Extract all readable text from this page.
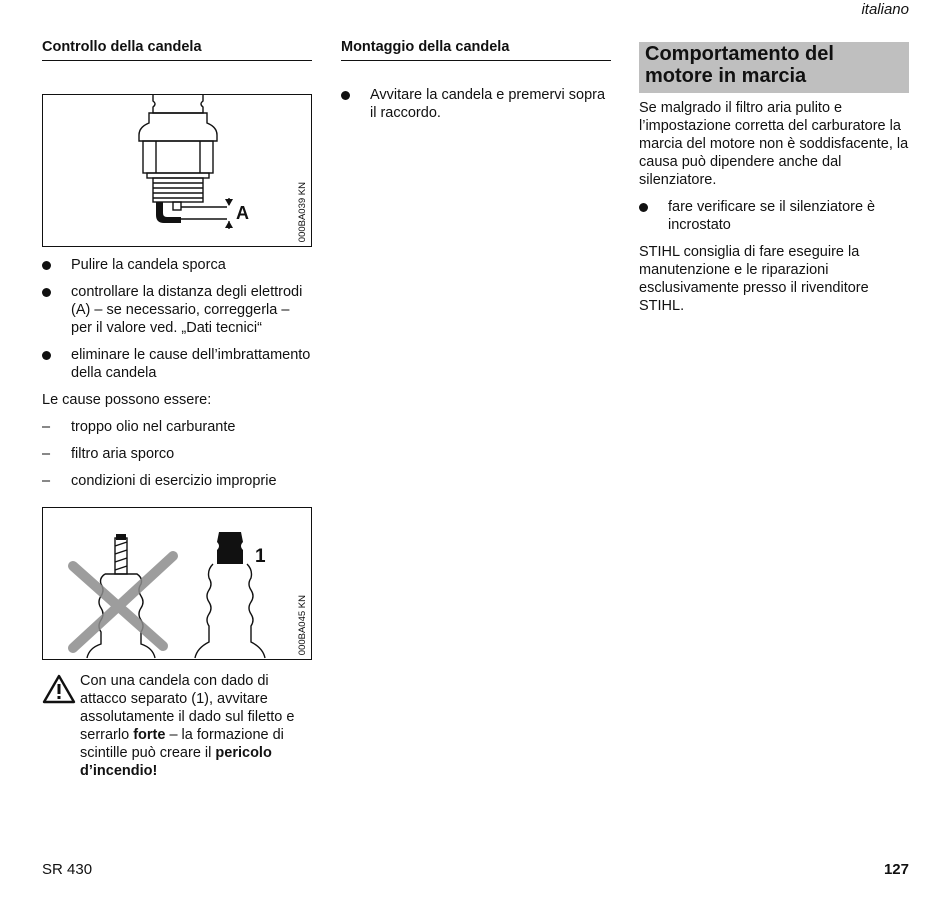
italiano
Controllo della candela
A	000BA039 KN
Pulire la candela sporca
controllare la distanza degli elettrodi (A) – se necessario, correggerla – per il valore ved. „Dati tecnici“
eliminare le cause dell’imbrattamento della candela

Le cause possono essere:

– troppo olio nel carburante
– filtro aria sporco
– condizioni di esercizio improprie
1
000BA045 KN
Con una candela con dado di attacco separato (1), avvitare assolutamente il dado sul filetto e serrarlo forte – la formazione di scintille può creare il pericolo d’incendio!
Montaggio della candela
Avvitare la candela e premervi sopra il raccordo.
Comportamento del motore in marcia

Se malgrado il filtro aria pulito e l’impostazione corretta del carburatore la marcia del motore non è soddisfacente, la causa può dipendere anche dal silenziatore.

fare verificare se il silenziatore è incrostato

STIHL consiglia di fare eseguire la manutenzione e le riparazioni esclusivamente presso il rivenditore STIHL.

SR 430	127
